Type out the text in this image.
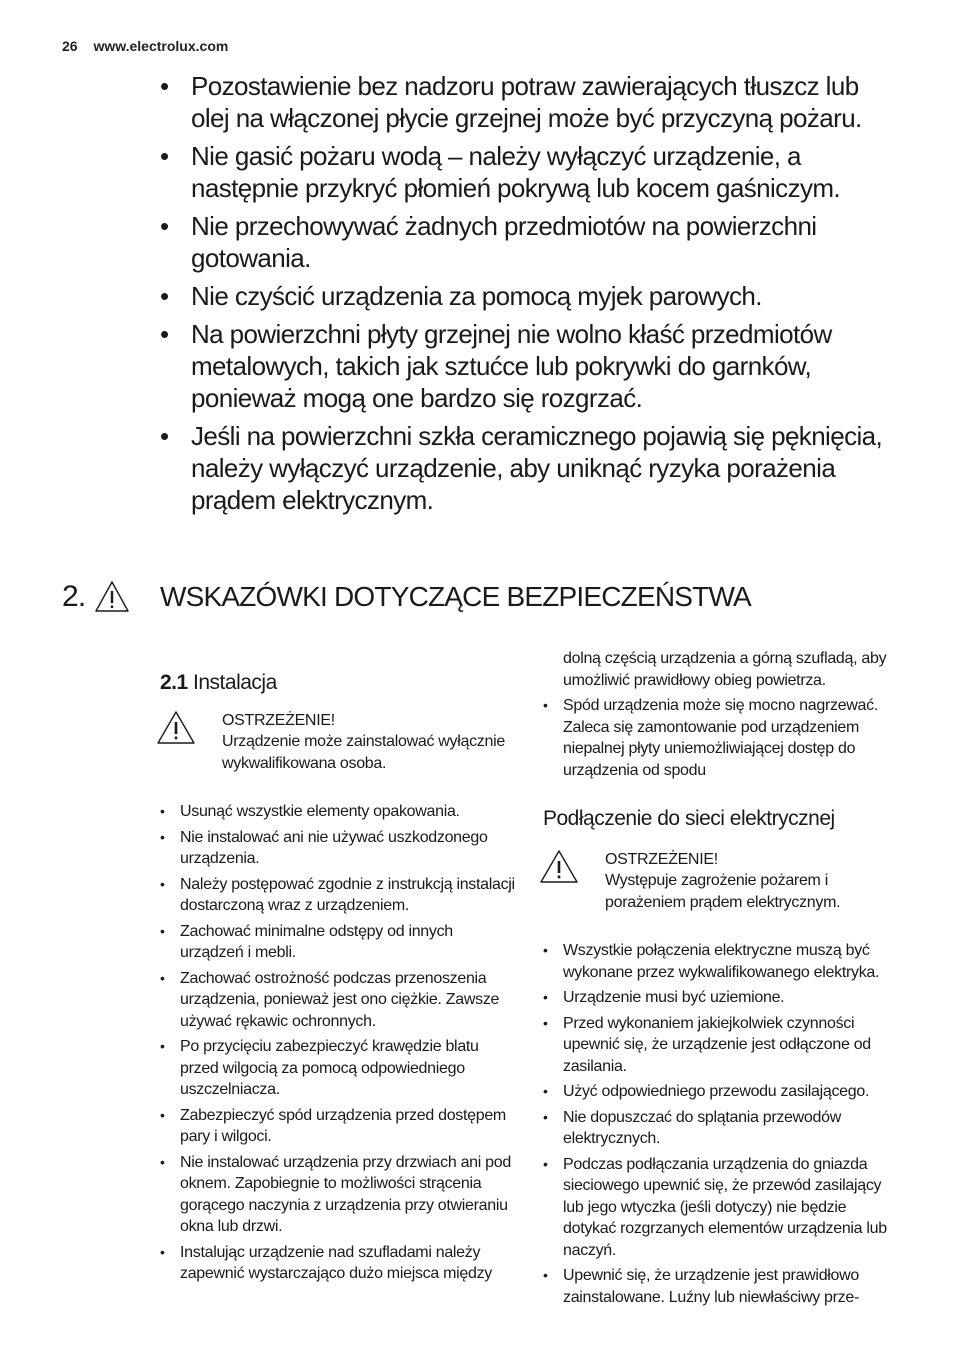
26 www.electrolux.com
• Pozostawienie bez nadzoru potraw zawierających tłuszcz lub olej na włączonej płycie grzejnej może być przyczyną pożaru.
• Nie gasić pożaru wodą – należy wyłączyć urządzenie, a następnie przykryć płomień pokrywą lub kocem gaśniczym.
• Nie przechowywać żadnych przedmiotów na powierzchni gotowania.
• Nie czyścić urządzenia za pomocą myjek parowych.
• Na powierzchni płyty grzejnej nie wolno kłaść przedmiotów metalowych, takich jak sztućce lub pokrywki do garnków, ponieważ mogą one bardzo się rozgrzać.
• Jeśli na powierzchni szkła ceramicznego pojawią się pęknięcia, należy wyłączyć urządzenie, aby uniknąć ryzyka porażenia prądem elektrycznym.
2.	WSKAZÓWKI DOTYCZĄCE BEZPIECZEŃSTWA
2.1 Instalacja
OSTRZEŻENIE!
Urządzenie może zainstalować wyłącznie wykwalifikowana osoba.
• Usunąć wszystkie elementy opakowania.
• Nie instalować ani nie używać uszkodzonego urządzenia.
• Należy postępować zgodnie z instrukcją instalacji dostarczoną wraz z urządzeniem.
• Zachować minimalne odstępy od innych urządzeń i mebli.
• Zachować ostrożność podczas przenoszenia urządzenia, ponieważ jest ono ciężkie. Zawsze używać rękawic ochronnych.
• Po przycięciu zabezpieczyć krawędzie blatu przed wilgocią za pomocą odpowiedniego uszczelniacza.
• Zabezpieczyć spód urządzenia przed dostępem pary i wilgoci.
• Nie instalować urządzenia przy drzwiach ani pod oknem. Zapobiegnie to możliwości strącenia gorącego naczynia z urządzenia przy otwieraniu okna lub drzwi.
• Instalując urządzenie nad szufladami należy zapewnić wystarczająco dużo miejsca między
dolną częścią urządzenia a górną szufladą, aby umożliwić prawidłowy obieg powietrza.
• Spód urządzenia może się mocno nagrzewać. Zaleca się zamontowanie pod urządzeniem niepalnej płyty uniemożliwiającej dostęp do urządzenia od spodu
Podłączenie do sieci elektrycznej
OSTRZEŻENIE!
Występuje zagrożenie pożarem i porażeniem prądem elektrycznym.
• Wszystkie połączenia elektryczne muszą być wykonane przez wykwalifikowanego elektryka.
• Urządzenie musi być uziemione.
• Przed wykonaniem jakiejkolwiek czynności upewnić się, że urządzenie jest odłączone od zasilania.
• Użyć odpowiedniego przewodu zasilającego.
• Nie dopuszczać do splątania przewodów elektrycznych.
• Podczas podłączania urządzenia do gniazda sieciowego upewnić się, że przewód zasilający lub jego wtyczka (jeśli dotyczy) nie będzie dotykać rozgrzanych elementów urządzenia lub naczyń.
• Upewnić się, że urządzenie jest prawidłowo zainstalowane. Luźny lub niewłaściwy prze-
